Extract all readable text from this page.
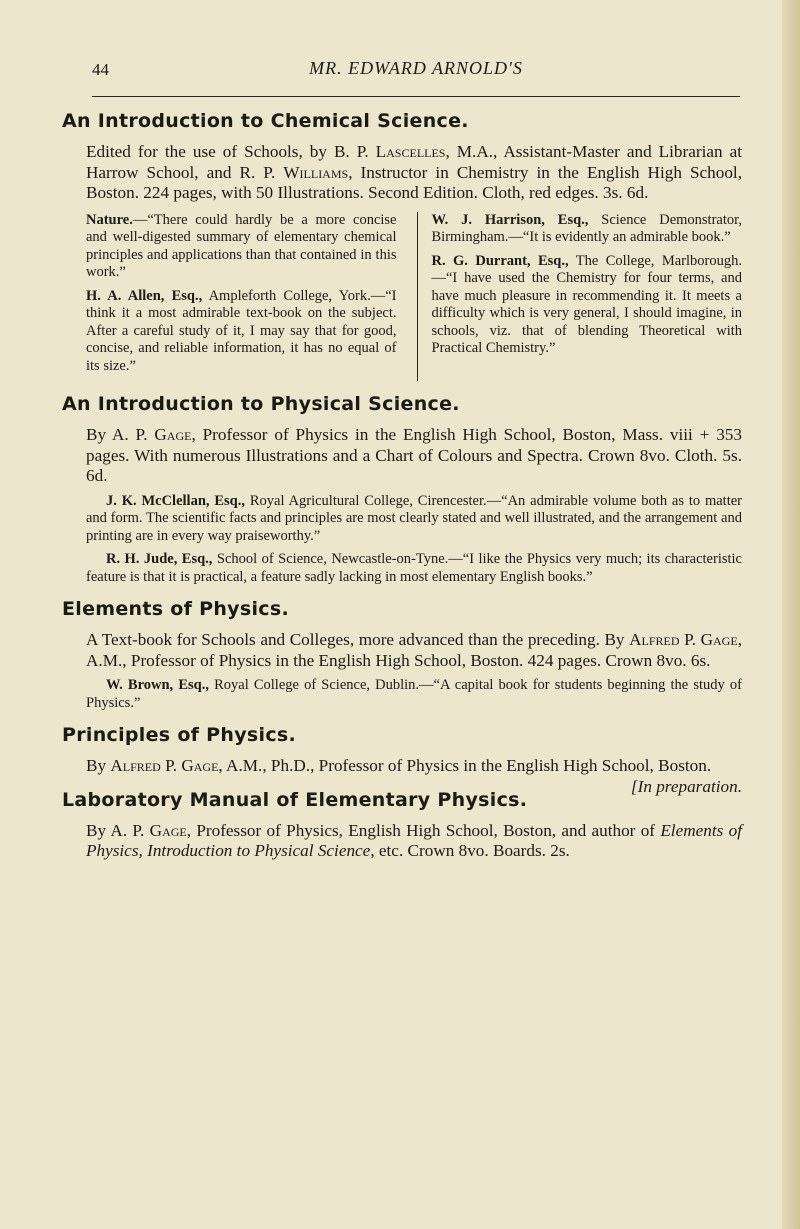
44	MR. EDWARD ARNOLD'S
An Introduction to Chemical Science.

Edited for the use of Schools, by B. P. Lascelles, M.A., Assistant-Master and Librarian at Harrow School, and R. P. Williams, Instructor in Chemistry in the English High School, Boston. 224 pages, with 50 Illustrations. Second Edition. Cloth, red edges. 3s. 6d.

Nature.—“There could hardly be a more concise and well-digested summary of elementary chemical principles and applications than that contained in this work.”

H. A. Allen, Esq., Ampleforth College, York.—“I think it a most admirable text-book on the subject. After a careful study of it, I may say that for good, concise, and reliable information, it has no equal of its size.”

W. J. Harrison, Esq., Science Demonstrator, Birmingham.—“It is evidently an admirable book.”

R. G. Durrant, Esq., The College, Marlborough.—“I have used the Chemistry for four terms, and have much pleasure in recommending it. It meets a difficulty which is very general, I should imagine, in schools, viz. that of blending Theoretical with Practical Chemistry.”

An Introduction to Physical Science.

By A. P. Gage, Professor of Physics in the English High School, Boston, Mass. viii + 353 pages. With numerous Illustrations and a Chart of Colours and Spectra. Crown 8vo. Cloth. 5s. 6d.

J. K. McClellan, Esq., Royal Agricultural College, Cirencester.—“An admirable volume both as to matter and form. The scientific facts and principles are most clearly stated and well illustrated, and the arrangement and printing are in every way praiseworthy.”

R. H. Jude, Esq., School of Science, Newcastle-on-Tyne.—“I like the Physics very much; its characteristic feature is that it is practical, a feature sadly lacking in most elementary English books.”

Elements of Physics.

A Text-book for Schools and Colleges, more advanced than the preceding. By Alfred P. Gage, A.M., Professor of Physics in the English High School, Boston. 424 pages. Crown 8vo. 6s.

W. Brown, Esq., Royal College of Science, Dublin.—“A capital book for students beginning the study of Physics.”

Principles of Physics.

By Alfred P. Gage, A.M., Ph.D., Professor of Physics in the English High School, Boston.
[In preparation.

Laboratory Manual of Elementary Physics.

By A. P. Gage, Professor of Physics, English High School, Boston, and author of Elements of Physics, Introduction to Physical Science, etc. Crown 8vo. Boards. 2s.
